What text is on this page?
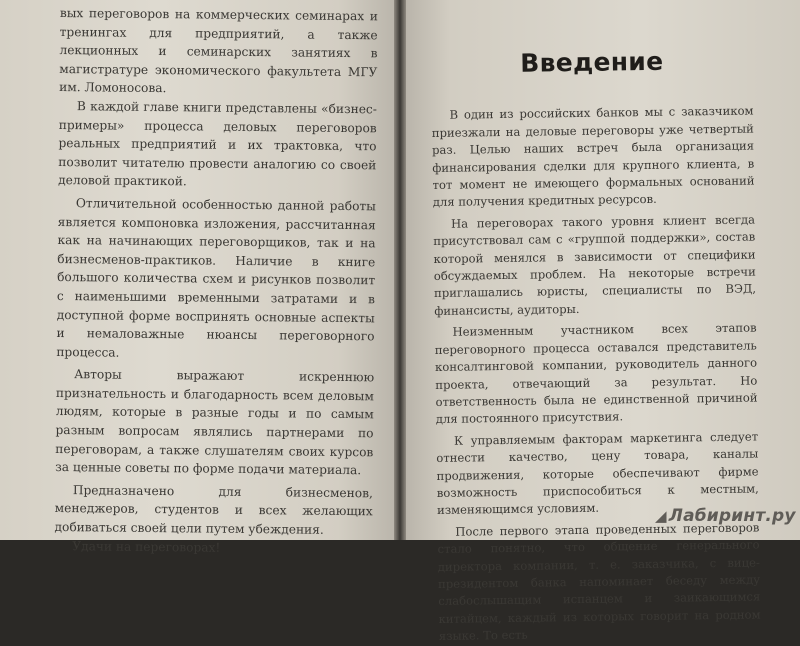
вых переговоров на коммерческих семинарах и тренингах для предприятий, а также лекционных и семинарских занятиях в магистратуре экономического факультета МГУ им. Ломоносова.

В каждой главе книги представлены «бизнес-примеры» процесса деловых переговоров реальных предприятий и их трактовка, что позволит читателю провести аналогию со своей деловой практикой.

Отличительной особенностью данной работы является компоновка изложения, рассчитанная как на начинающих переговорщиков, так и на бизнесменов-практиков. Наличие в книге большого количества схем и рисунков позволит с наименьшими временными затратами и в доступной форме воспринять основные аспекты и немаловажные нюансы переговорного процесса.

Авторы выражают искреннюю признательность и благодарность всем деловым людям, которые в разные годы и по самым разным вопросам являлись партнерами по переговорам, а также слушателям своих курсов за ценные советы по форме подачи материала.

Предназначено для бизнесменов, менеджеров, студентов и всех желающих добиваться своей цели путем убеждения.

Удачи на переговорах!

Введение

В один из российских банков мы с заказчиком приезжали на деловые переговоры уже четвертый раз. Целью наших встреч была организация финансирования сделки для крупного клиента, в тот момент не имеющего формальных оснований для получения кредитных ресурсов.

На переговорах такого уровня клиент всегда присутствовал сам с «группой поддержки», состав которой менялся в зависимости от специфики обсуждаемых проблем. На некоторые встречи приглашались юристы, специалисты по ВЭД, финансисты, аудиторы.

Неизменным участником всех этапов переговорного процесса оставался представитель консалтинговой компании, руководитель данного проекта, отвечающий за результат. Но ответственность была не единственной причиной для постоянного присутствия.

К управляемым факторам маркетинга следует отнести качество, цену товара, каналы продвижения, которые обеспечивают фирме возможность приспособиться к местным, изменяющимся условиям.

После первого этапа проведенных переговоров стало понятно, что общение генерального директора компании, т. е. заказчика, с вице-президентом банка напоминает беседу между слабослышащим испанцем и заикающимся китайцем, каждый из которых говорит на родном языке. То есть

◢ Лабиринт.ру
